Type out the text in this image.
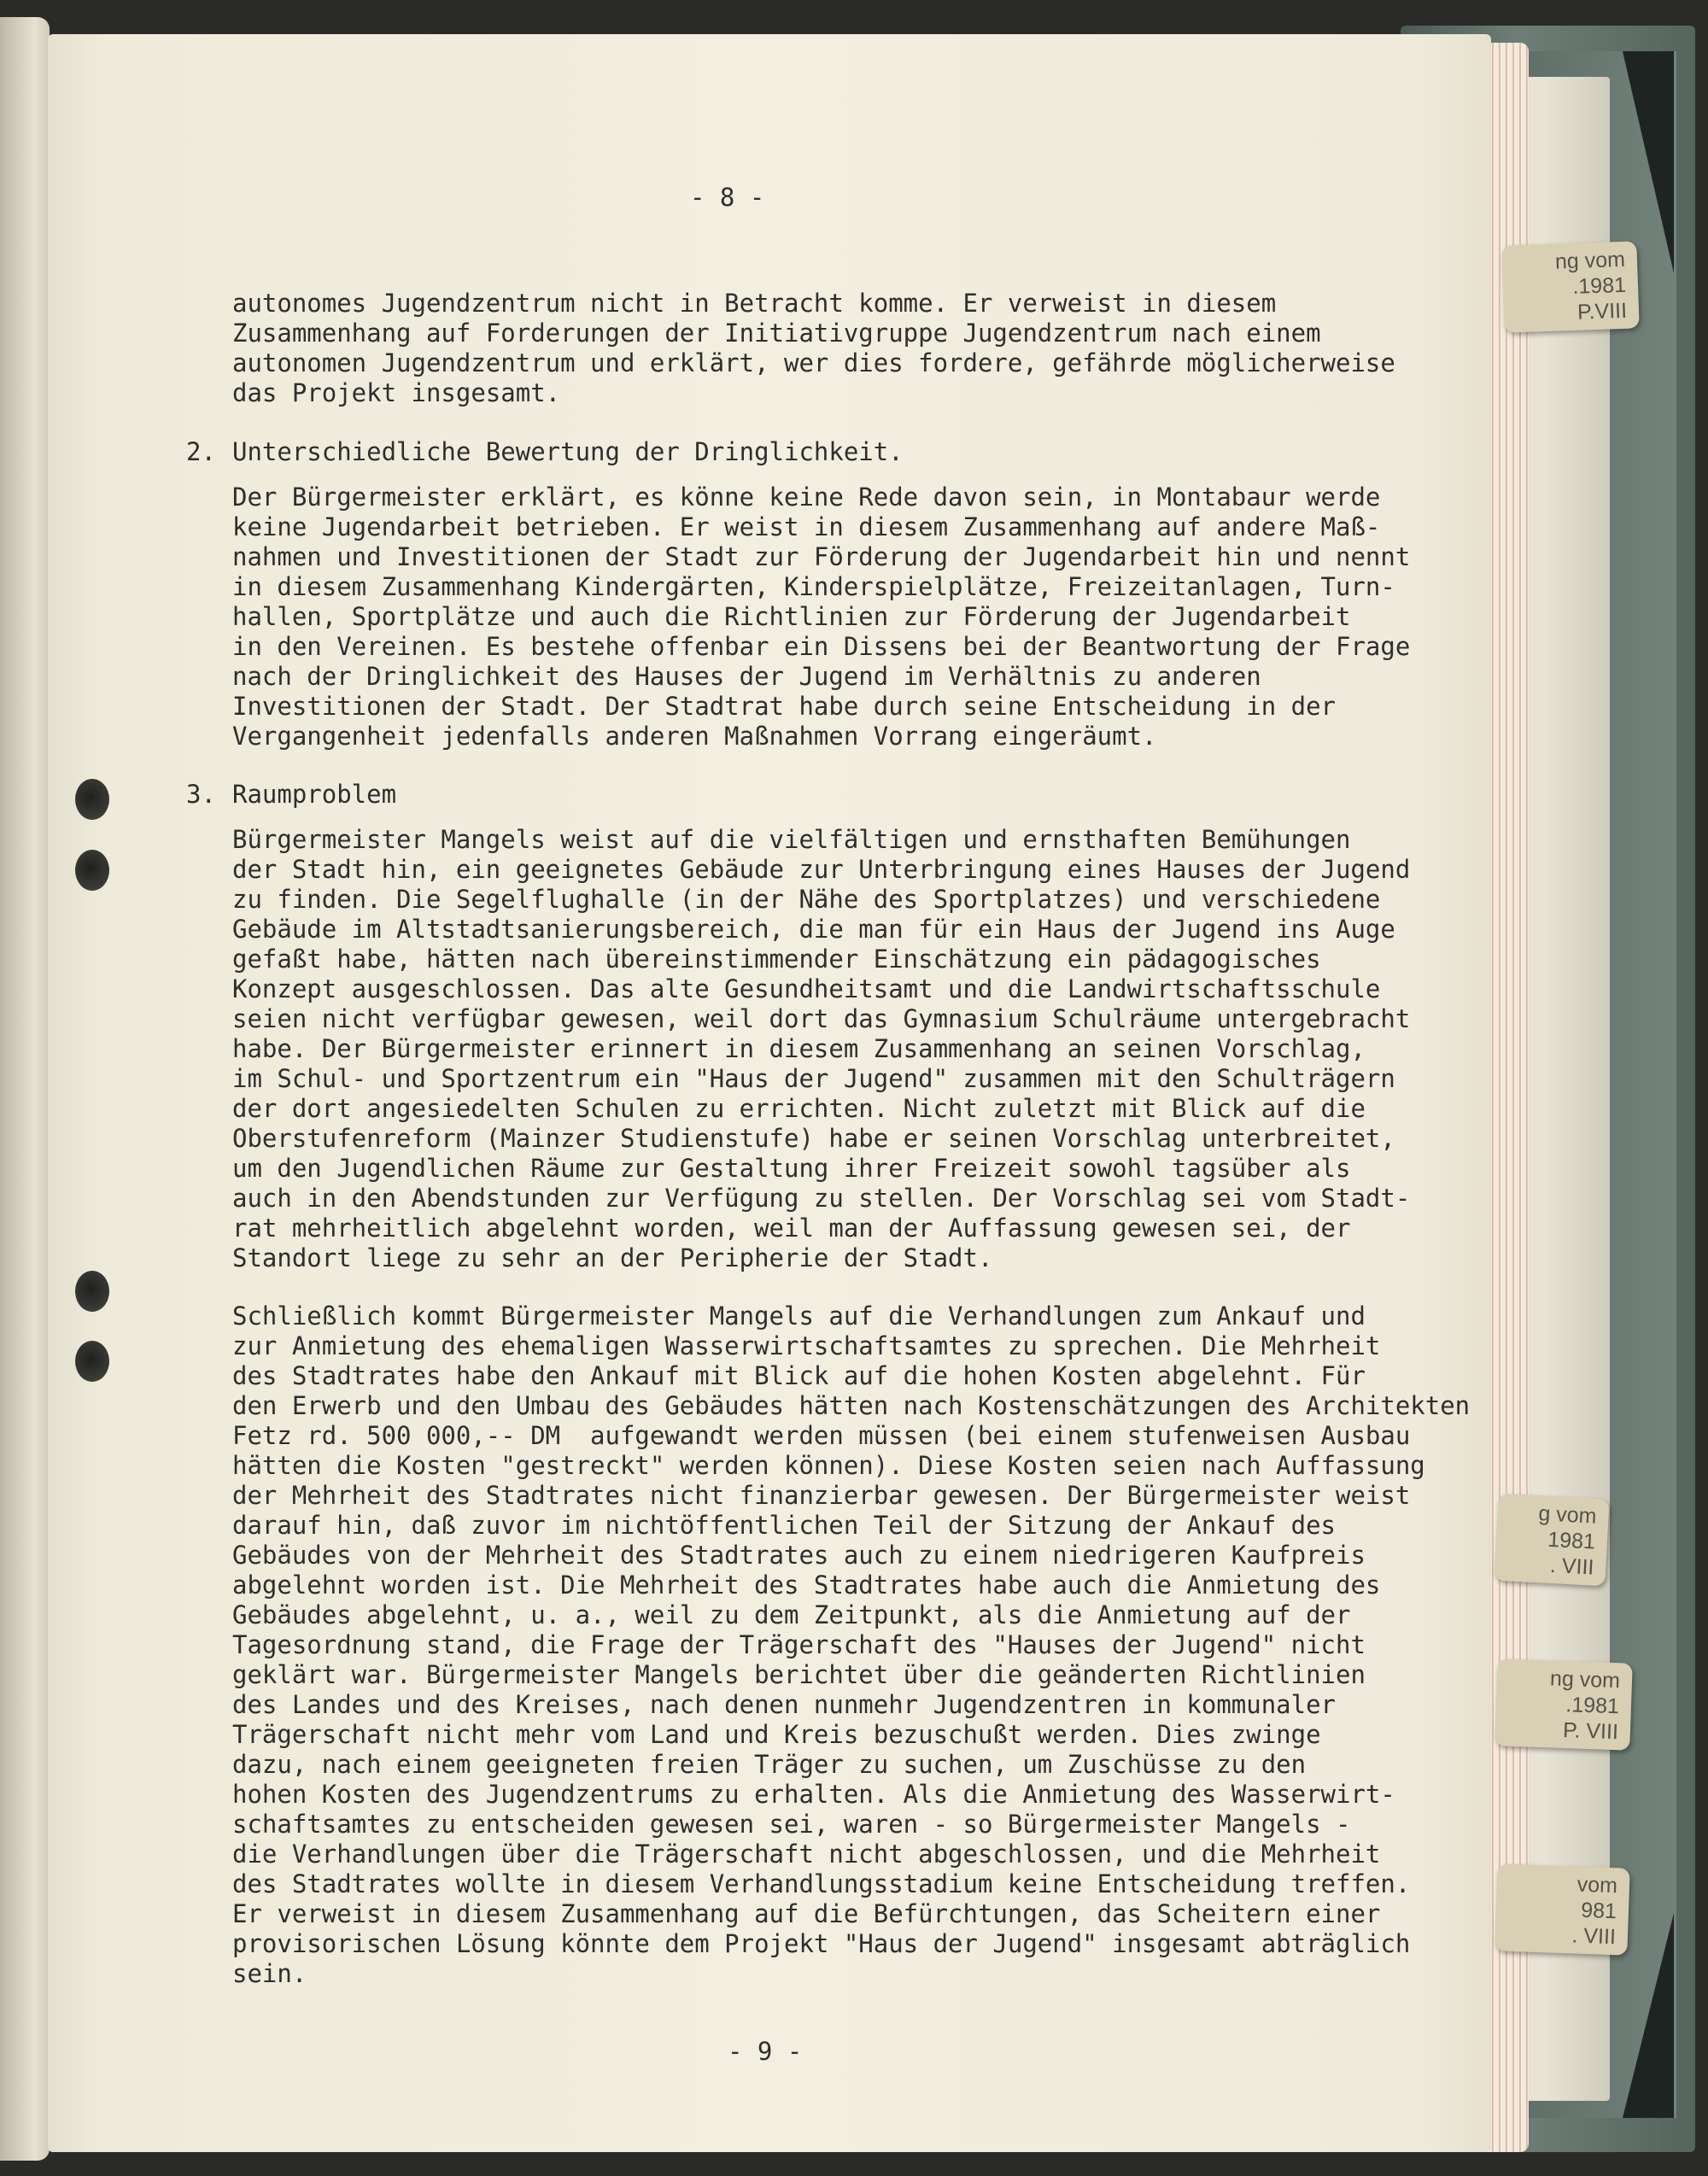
ng vom
.1981
P.VIII
g vom
1981
. VIII
ng vom
.1981
P. VIII
vom
981
. VIII
- 8 -
autonomes Jugendzentrum nicht in Betracht komme. Er verweist in diesem
Zusammenhang auf Forderungen der Initiativgruppe Jugendzentrum nach einem
autonomen Jugendzentrum und erklärt, wer dies fordere, gefährde möglicherweise
das Projekt insgesamt.
2. Unterschiedliche Bewertung der Dringlichkeit.
Der Bürgermeister erklärt, es könne keine Rede davon sein, in Montabaur werde
keine Jugendarbeit betrieben. Er weist in diesem Zusammenhang auf andere Maß-
nahmen und Investitionen der Stadt zur Förderung der Jugendarbeit hin und nennt
in diesem Zusammenhang Kindergärten, Kinderspielplätze, Freizeitanlagen, Turn-
hallen, Sportplätze und auch die Richtlinien zur Förderung der Jugendarbeit
in den Vereinen. Es bestehe offenbar ein Dissens bei der Beantwortung der Frage
nach der Dringlichkeit des Hauses der Jugend im Verhältnis zu anderen
Investitionen der Stadt. Der Stadtrat habe durch seine Entscheidung in der
Vergangenheit jedenfalls anderen Maßnahmen Vorrang eingeräumt.
3. Raumproblem
Bürgermeister Mangels weist auf die vielfältigen und ernsthaften Bemühungen
der Stadt hin, ein geeignetes Gebäude zur Unterbringung eines Hauses der Jugend
zu finden. Die Segelflughalle (in der Nähe des Sportplatzes) und verschiedene
Gebäude im Altstadtsanierungsbereich, die man für ein Haus der Jugend ins Auge
gefaßt habe, hätten nach übereinstimmender Einschätzung ein pädagogisches
Konzept ausgeschlossen. Das alte Gesundheitsamt und die Landwirtschaftsschule
seien nicht verfügbar gewesen, weil dort das Gymnasium Schulräume untergebracht
habe. Der Bürgermeister erinnert in diesem Zusammenhang an seinen Vorschlag,
im Schul- und Sportzentrum ein "Haus der Jugend" zusammen mit den Schulträgern
der dort angesiedelten Schulen zu errichten. Nicht zuletzt mit Blick auf die
Oberstufenreform (Mainzer Studienstufe) habe er seinen Vorschlag unterbreitet,
um den Jugendlichen Räume zur Gestaltung ihrer Freizeit sowohl tagsüber als
auch in den Abendstunden zur Verfügung zu stellen. Der Vorschlag sei vom Stadt-
rat mehrheitlich abgelehnt worden, weil man der Auffassung gewesen sei, der
Standort liege zu sehr an der Peripherie der Stadt.
Schließlich kommt Bürgermeister Mangels auf die Verhandlungen zum Ankauf und
zur Anmietung des ehemaligen Wasserwirtschaftsamtes zu sprechen. Die Mehrheit
des Stadtrates habe den Ankauf mit Blick auf die hohen Kosten abgelehnt. Für
den Erwerb und den Umbau des Gebäudes hätten nach Kostenschätzungen des Architekten
Fetz rd. 500 000,-- DM  aufgewandt werden müssen (bei einem stufenweisen Ausbau
hätten die Kosten "gestreckt" werden können). Diese Kosten seien nach Auffassung
der Mehrheit des Stadtrates nicht finanzierbar gewesen. Der Bürgermeister weist
darauf hin, daß zuvor im nichtöffentlichen Teil der Sitzung der Ankauf des
Gebäudes von der Mehrheit des Stadtrates auch zu einem niedrigeren Kaufpreis
abgelehnt worden ist. Die Mehrheit des Stadtrates habe auch die Anmietung des
Gebäudes abgelehnt, u. a., weil zu dem Zeitpunkt, als die Anmietung auf der
Tagesordnung stand, die Frage der Trägerschaft des "Hauses der Jugend" nicht
geklärt war. Bürgermeister Mangels berichtet über die geänderten Richtlinien
des Landes und des Kreises, nach denen nunmehr Jugendzentren in kommunaler
Trägerschaft nicht mehr vom Land und Kreis bezuschußt werden. Dies zwinge
dazu, nach einem geeigneten freien Träger zu suchen, um Zuschüsse zu den
hohen Kosten des Jugendzentrums zu erhalten. Als die Anmietung des Wasserwirt-
schaftsamtes zu entscheiden gewesen sei, waren - so Bürgermeister Mangels -
die Verhandlungen über die Trägerschaft nicht abgeschlossen, und die Mehrheit
des Stadtrates wollte in diesem Verhandlungsstadium keine Entscheidung treffen.
Er verweist in diesem Zusammenhang auf die Befürchtungen, das Scheitern einer
provisorischen Lösung könnte dem Projekt "Haus der Jugend" insgesamt abträglich
sein.
- 9 -
